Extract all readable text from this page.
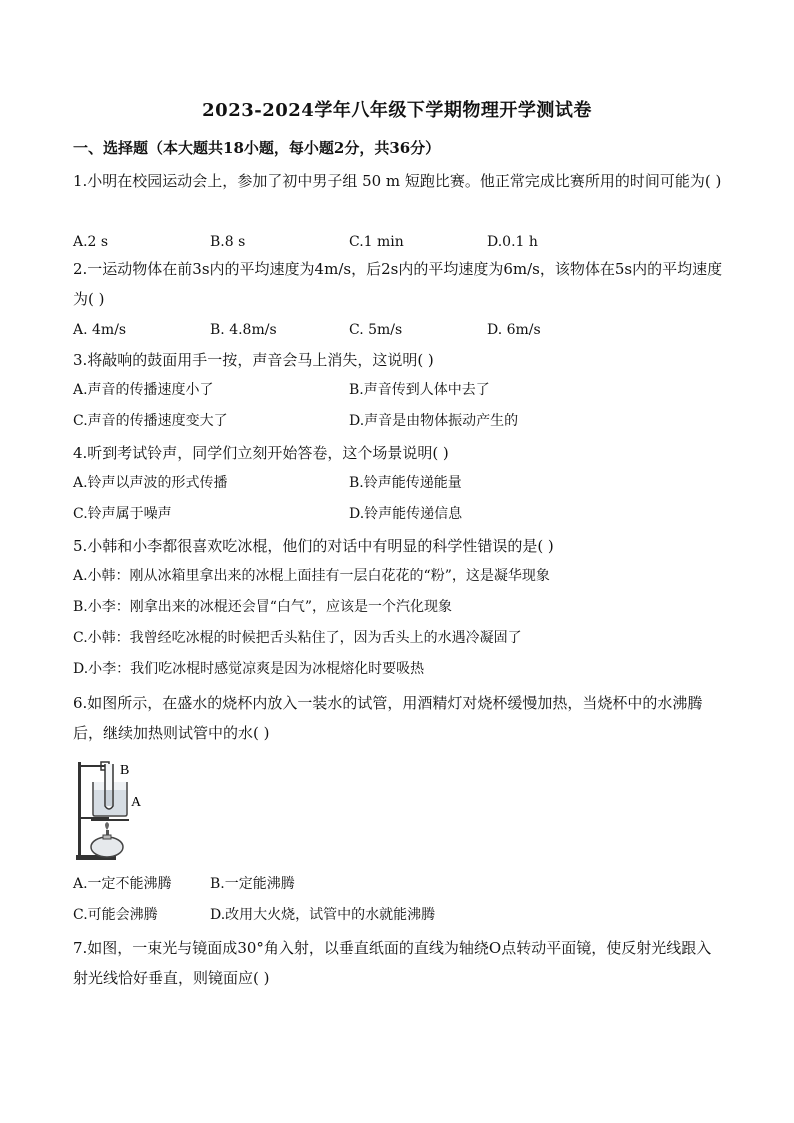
2023-2024学年八年级下学期物理开学测试卷
一、选择题（本大题共18小题，每小题2分，共36分）
1.小明在校园运动会上，参加了初中男子组 50 m 短跑比赛。他正常完成比赛所用的时间可能为( )
A.2 s	B.8 s	C.1 min	D.0.1 h
2.一运动物体在前3s内的平均速度为4m/s，后2s内的平均速度为6m/s，该物体在5s内的平均速度为( )
A. 4m/s	B. 4.8m/s	C. 5m/s	D. 6m/s
3.将敲响的鼓面用手一按，声音会马上消失，这说明( )
A.声音的传播速度小了	B.声音传到人体中去了
C.声音的传播速度变大了	D.声音是由物体振动产生的
4.听到考试铃声，同学们立刻开始答卷，这个场景说明( )
A.铃声以声波的形式传播	B.铃声能传递能量
C.铃声属于噪声	D.铃声能传递信息
5.小韩和小李都很喜欢吃冰棍，他们的对话中有明显的科学性错误的是( )
A.小韩：刚从冰箱里拿出来的冰棍上面挂有一层白花花的“粉”，这是凝华现象
B.小李：刚拿出来的冰棍还会冒“白气”，应该是一个汽化现象
C.小韩：我曾经吃冰棍的时候把舌头粘住了，因为舌头上的水遇冷凝固了
D.小李：我们吃冰棍时感觉凉爽是因为冰棍熔化时要吸热
6.如图所示，在盛水的烧杯内放入一装水的试管，用酒精灯对烧杯缓慢加热，当烧杯中的水沸腾后，继续加热则试管中的水( )
B
A
A.一定不能沸腾	B.一定能沸腾
C.可能会沸腾	D.改用大火烧，试管中的水就能沸腾
7.如图，一束光与镜面成30°角入射，以垂直纸面的直线为轴绕O点转动平面镜，使反射光线跟入射光线恰好垂直，则镜面应( )
